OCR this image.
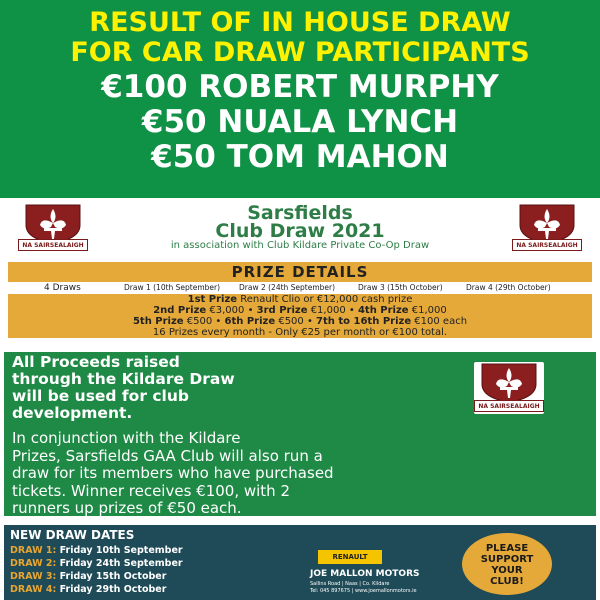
RESULT OF IN HOUSE DRAW
FOR CAR DRAW PARTICIPANTS
€100 ROBERT MURPHY
€50 NUALA LYNCH
€50 TOM MAHON
NA SAIRSEALAIGH	NA SAIRSEALAIGH
Sarsfields
Club Draw 2021
in association with Club Kildare Private Co-Op Draw
PRIZE DETAILS
4 Draws	Draw 1 (10th September)	Draw 2 (24th September)	Draw 3 (15th October)	Draw 4 (29th October)
1st Prize Renault Clio or €12,000 cash prize
2nd Prize €3,000 • 3rd Prize €1,000 • 4th Prize €1,000
5th Prize €500 • 6th Prize €500 • 7th to 16th Prize €100 each
16 Prizes every month - Only €25 per month or €100 total.
All Proceeds raised
through the Kildare Draw
will be used for club
development.
In conjunction with the Kildare
Prizes, Sarsfields GAA Club will also run a
draw for its members who have purchased
tickets. Winner receives €100, with 2
runners up prizes of €50 each.
NA SAIRSEALAIGH
NEW DRAW DATES
DRAW 1: Friday 10th September
DRAW 2: Friday 24th September
DRAW 3: Friday 15th October
DRAW 4: Friday 29th October
RENAULT
JOE MALLON MOTORS
Sallins Road | Naas | Co. Kildare
Tel: 045 897675 | www.joemallonmotors.ie
PLEASE
SUPPORT
YOUR
CLUB!
